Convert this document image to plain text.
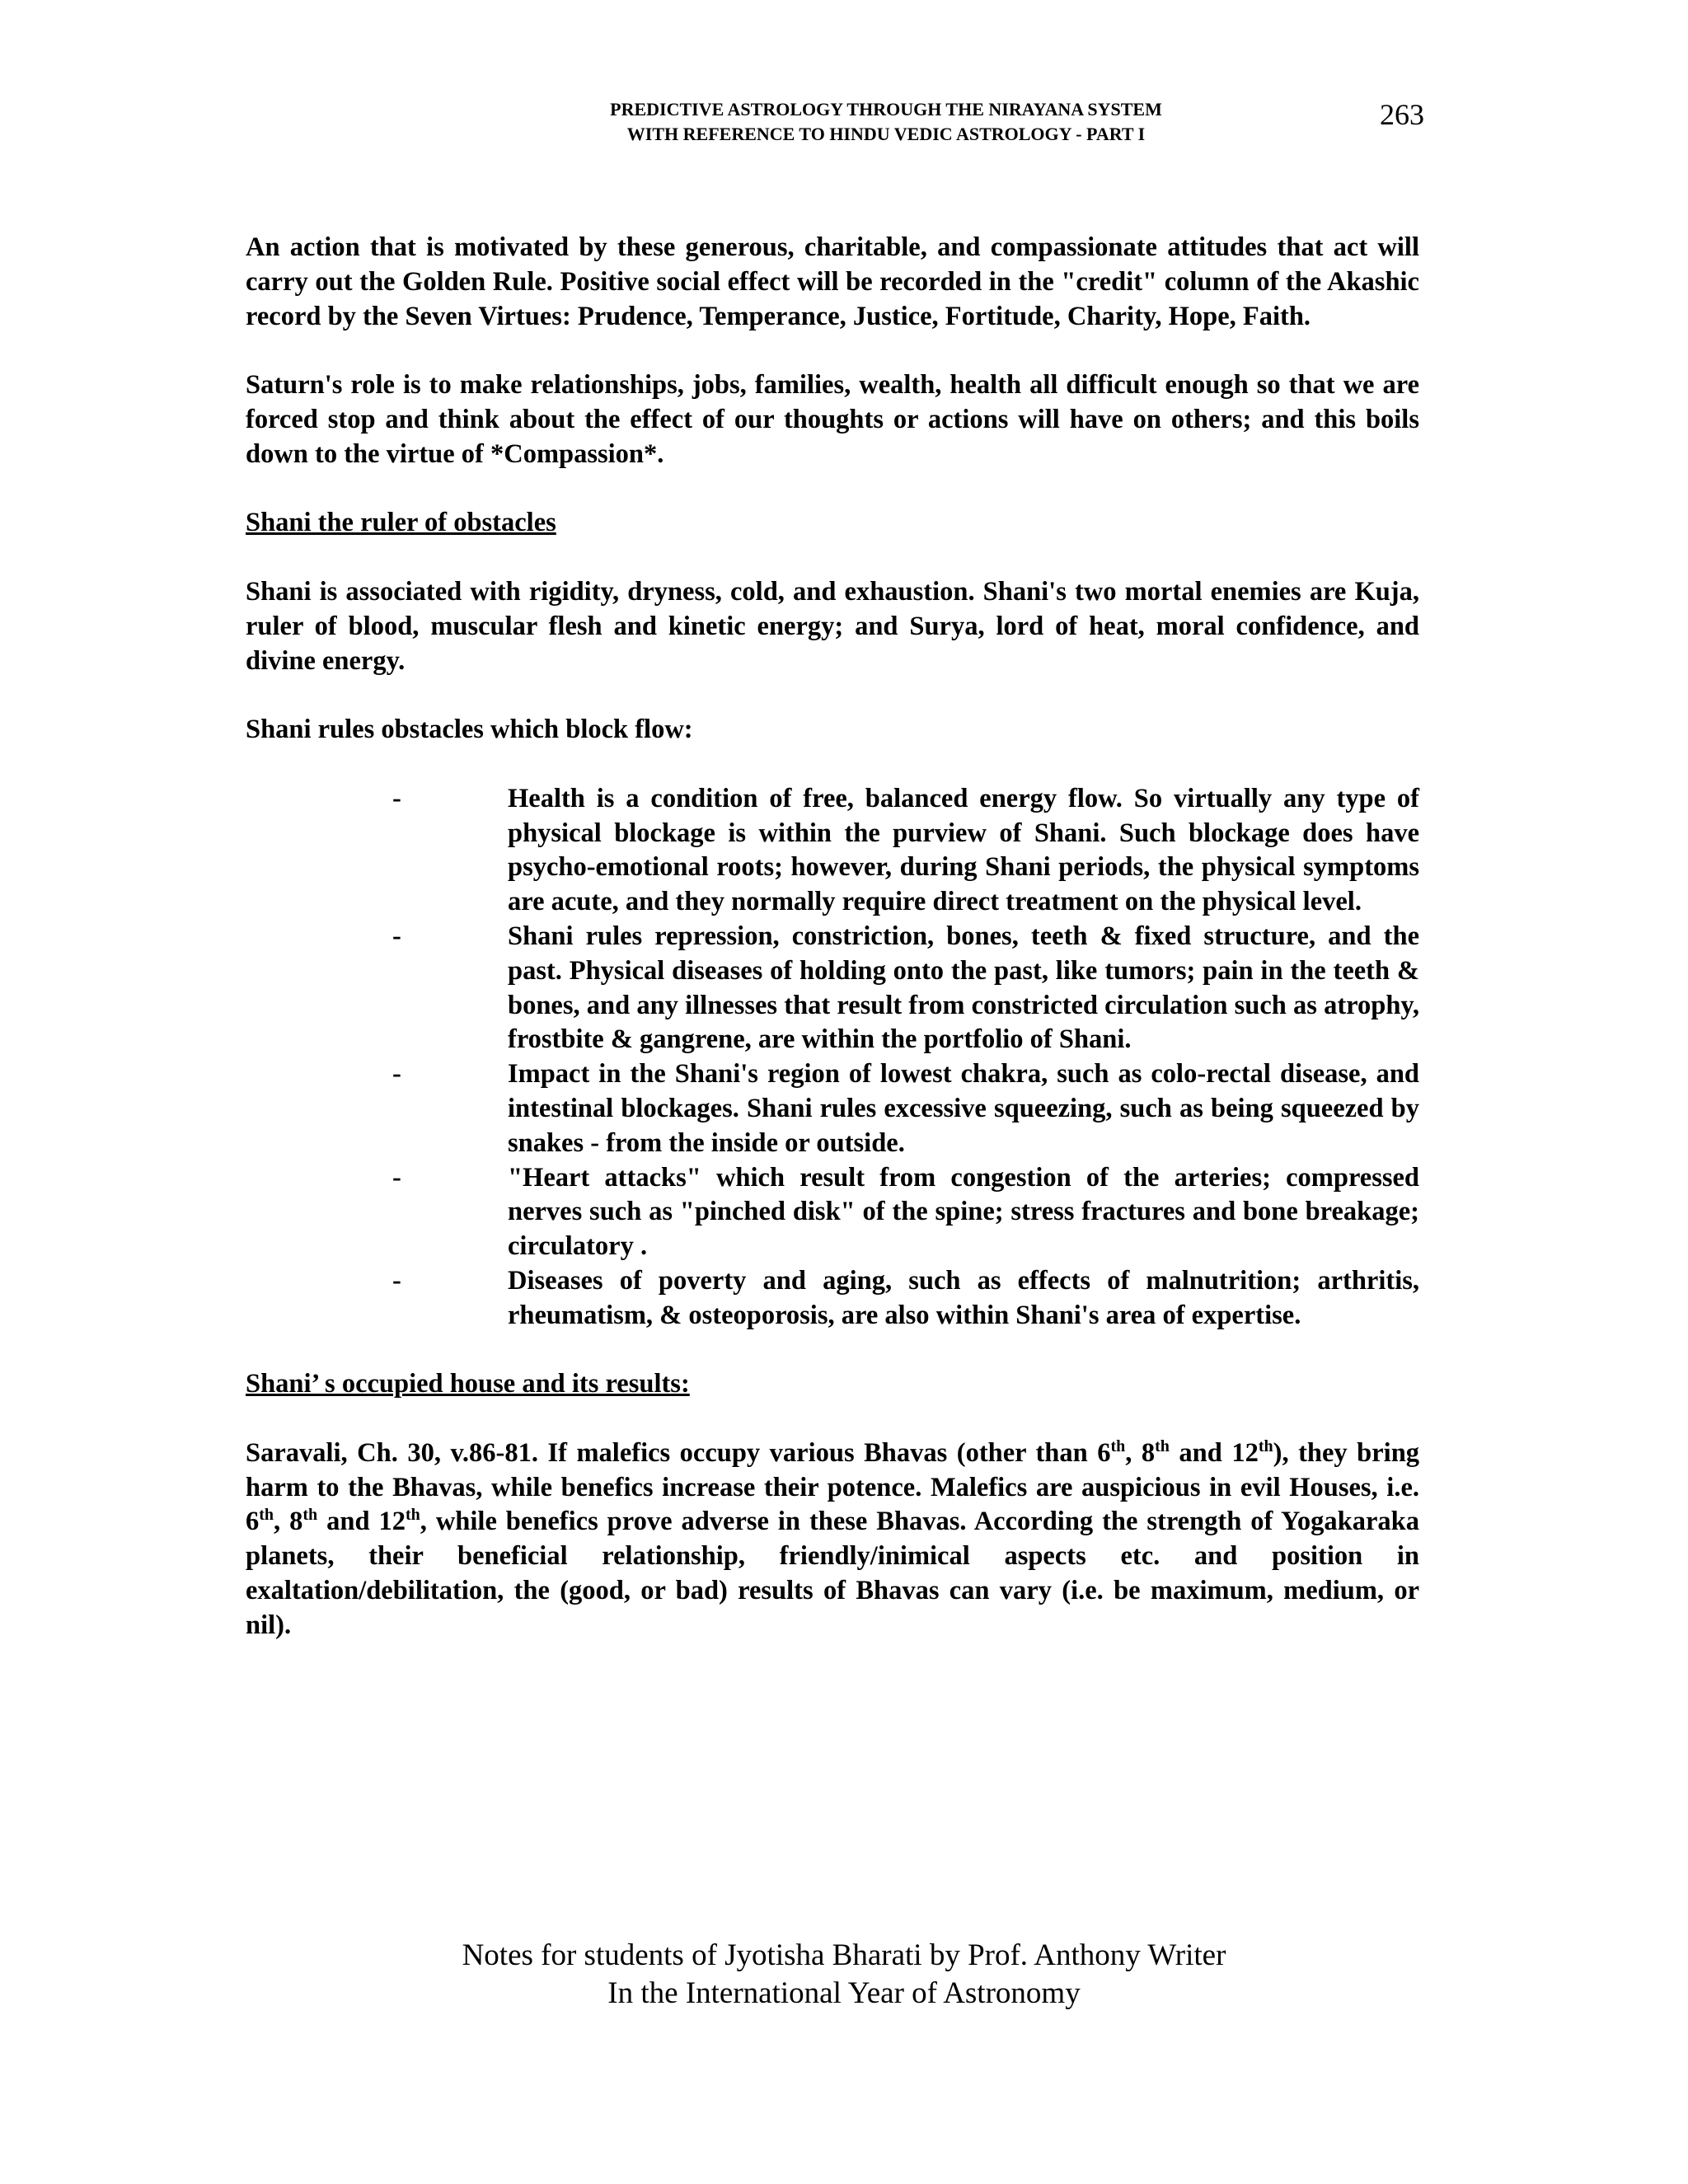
PREDICTIVE ASTROLOGY THROUGH THE NIRAYANA SYSTEM
WITH REFERENCE TO HINDU VEDIC ASTROLOGY - PART I
263

An action that is motivated by these generous, charitable, and compassionate attitudes that act will carry out the Golden Rule. Positive social effect will be recorded in the "credit" column of the Akashic record by the Seven Virtues: Prudence, Temperance, Justice, Fortitude, Charity, Hope, Faith.

Saturn's role is to make relationships, jobs, families, wealth, health all difficult enough so that we are forced stop and think about the effect of our thoughts or actions will have on others; and this boils down to the virtue of *Compassion*.

Shani the ruler of obstacles

Shani is associated with rigidity, dryness, cold, and exhaustion. Shani's two mortal enemies are Kuja, ruler of blood, muscular flesh and kinetic energy; and Surya, lord of heat, moral confidence, and divine energy.

Shani rules obstacles which block flow:
-	Health is a condition of free, balanced energy flow. So virtually any type of physical blockage is within the purview of Shani. Such blockage does have psycho-emotional roots; however, during Shani periods, the physical symptoms are acute, and they normally require direct treatment on the physical level.
-	Shani rules repression, constriction, bones, teeth & fixed structure, and the past. Physical diseases of holding onto the past, like tumors; pain in the teeth & bones, and any illnesses that result from constricted circulation such as atrophy, frostbite & gangrene, are within the portfolio of Shani.
-	Impact in the Shani's region of lowest chakra, such as colo-rectal disease, and intestinal blockages. Shani rules excessive squeezing, such as being squeezed by snakes - from the inside or outside.
-	"Heart attacks" which result from congestion of the arteries; compressed nerves such as "pinched disk" of the spine; stress fractures and bone breakage; circulatory .
-	Diseases of poverty and aging, such as effects of malnutrition; arthritis, rheumatism, & osteoporosis, are also within Shani's area of expertise.
Shani’ s occupied house and its results:

Saravali, Ch. 30, v.86-81. If malefics occupy various Bhavas (other than 6th, 8th and 12th), they bring harm to the Bhavas, while benefics increase their potence. Malefics are auspicious in evil Houses, i.e. 6th, 8th and 12th, while benefics prove adverse in these Bhavas. According the strength of Yogakaraka planets, their beneficial relationship, friendly/inimical aspects etc. and position in exaltation/debilitation, the (good, or bad) results of Bhavas can vary (i.e. be maximum, medium, or nil).

Notes for students of Jyotisha Bharati by Prof. Anthony Writer
In the International Year of Astronomy
